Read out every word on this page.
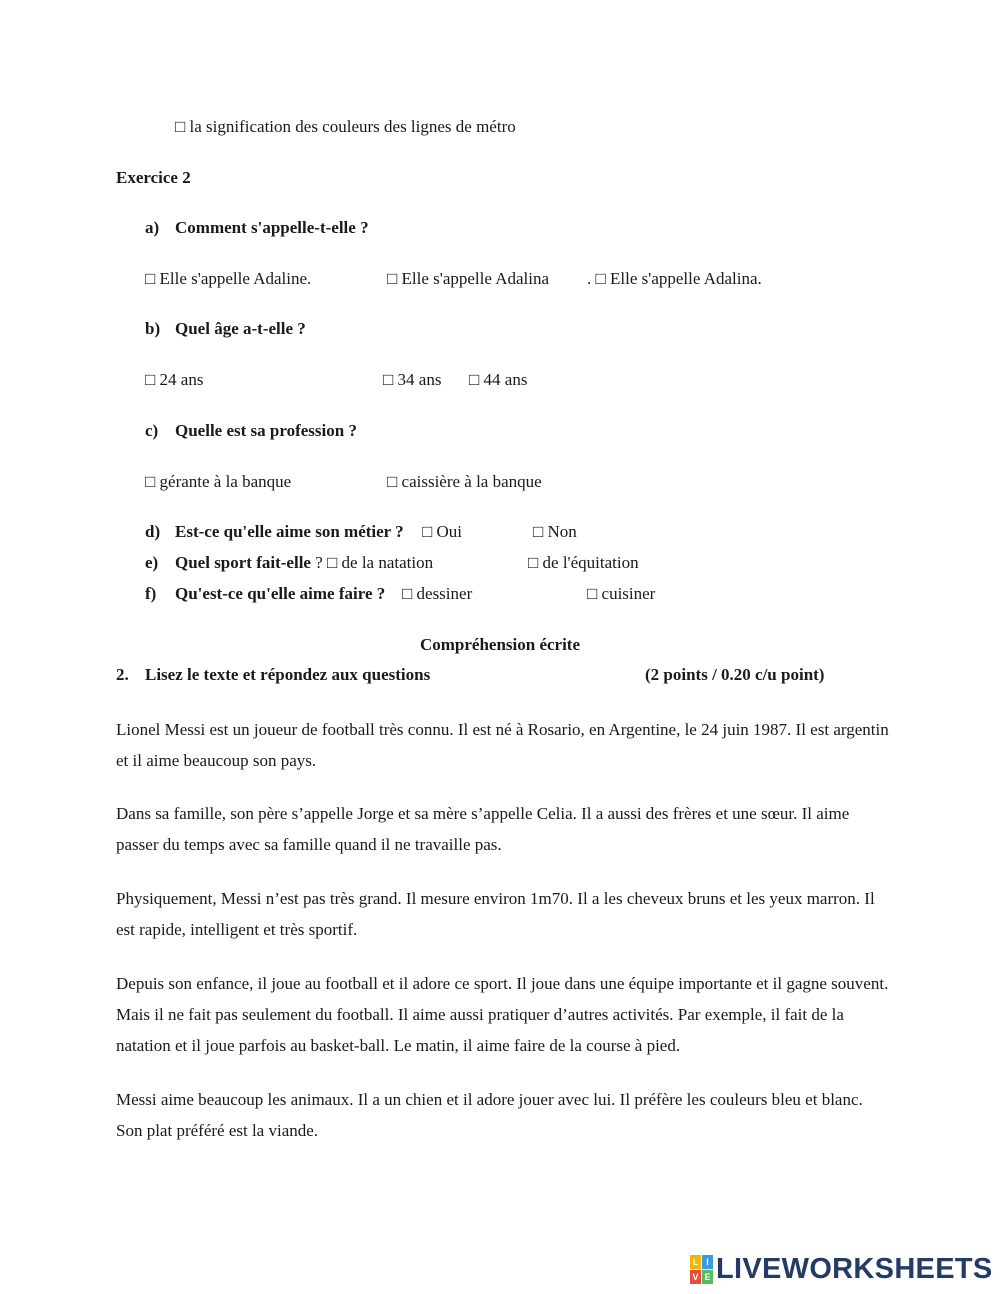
□ la signification des couleurs des lignes de métro
Exercice 2
a) Comment s'appelle-t-elle ?
□ Elle s'appelle Adaline.	□ Elle s'appelle Adalina . □ Elle s'appelle Adalina.
b) Quel âge a-t-elle ?
□ 24 ans	□ 34 ans □ 44 ans
c) Quelle est sa profession ?
□ gérante à la banque	□ caissière à la banque
d) Est-ce qu'elle aime son métier ? □ Oui	□ Non
e) Quel sport fait-elle ? □ de la natation	□ de l'équitation
f) Qu'est-ce qu'elle aime faire ? □ dessiner	□ cuisiner
Compréhension écrite
2. Lisez le texte et répondez aux questions	(2 points / 0.20 c/u point)
Lionel Messi est un joueur de football très connu. Il est né à Rosario, en Argentine, le 24 juin 1987. Il est argentin et il aime beaucoup son pays.
Dans sa famille, son père s’appelle Jorge et sa mère s’appelle Celia. Il a aussi des frères et une sœur. Il aime passer du temps avec sa famille quand il ne travaille pas.
Physiquement, Messi n’est pas très grand. Il mesure environ 1m70. Il a les cheveux bruns et les yeux marron. Il est rapide, intelligent et très sportif.
Depuis son enfance, il joue au football et il adore ce sport. Il joue dans une équipe importante et il gagne souvent. Mais il ne fait pas seulement du football. Il aime aussi pratiquer d’autres activités. Par exemple, il fait de la natation et il joue parfois au basket-ball. Le matin, il aime faire de la course à pied.
Messi aime beaucoup les animaux. Il a un chien et il adore jouer avec lui. Il préfère les couleurs bleu et blanc. Son plat préféré est la viande.
L I
V E LIVEWORKSHEETS
